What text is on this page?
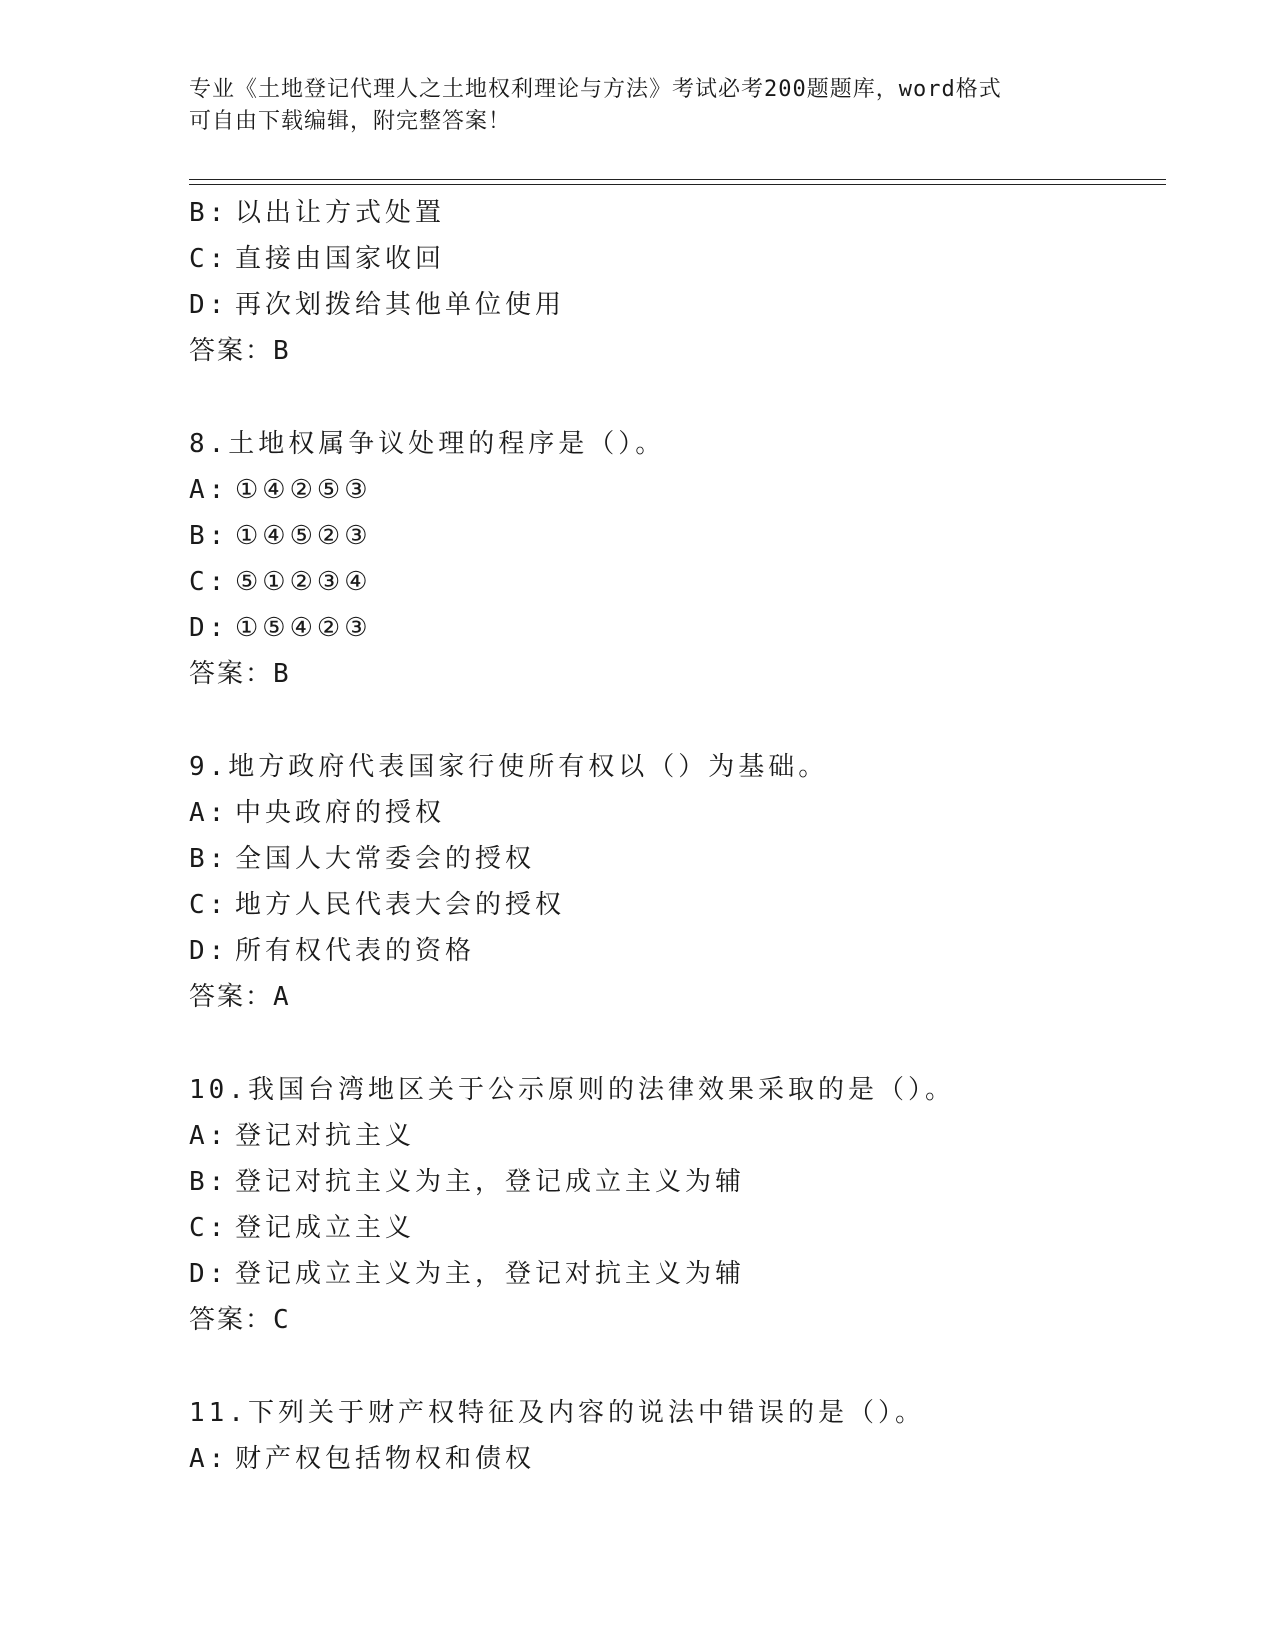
专业《土地登记代理人之土地权利理论与方法》考试必考200题题库，word格式
可自由下载编辑，附完整答案！
B: 以出让方式处置
C: 直接由国家收回
D: 再次划拨给其他单位使用
答案：B
8.土地权属争议处理的程序是（）。
A: ①④②⑤③
B: ①④⑤②③
C: ⑤①②③④
D: ①⑤④②③
答案：B
9.地方政府代表国家行使所有权以（）为基础。
A: 中央政府的授权
B: 全国人大常委会的授权
C: 地方人民代表大会的授权
D: 所有权代表的资格
答案：A
10.我国台湾地区关于公示原则的法律效果采取的是（）。
A: 登记对抗主义
B: 登记对抗主义为主，登记成立主义为辅
C: 登记成立主义
D: 登记成立主义为主，登记对抗主义为辅
答案：C
11.下列关于财产权特征及内容的说法中错误的是（）。
A: 财产权包括物权和债权
